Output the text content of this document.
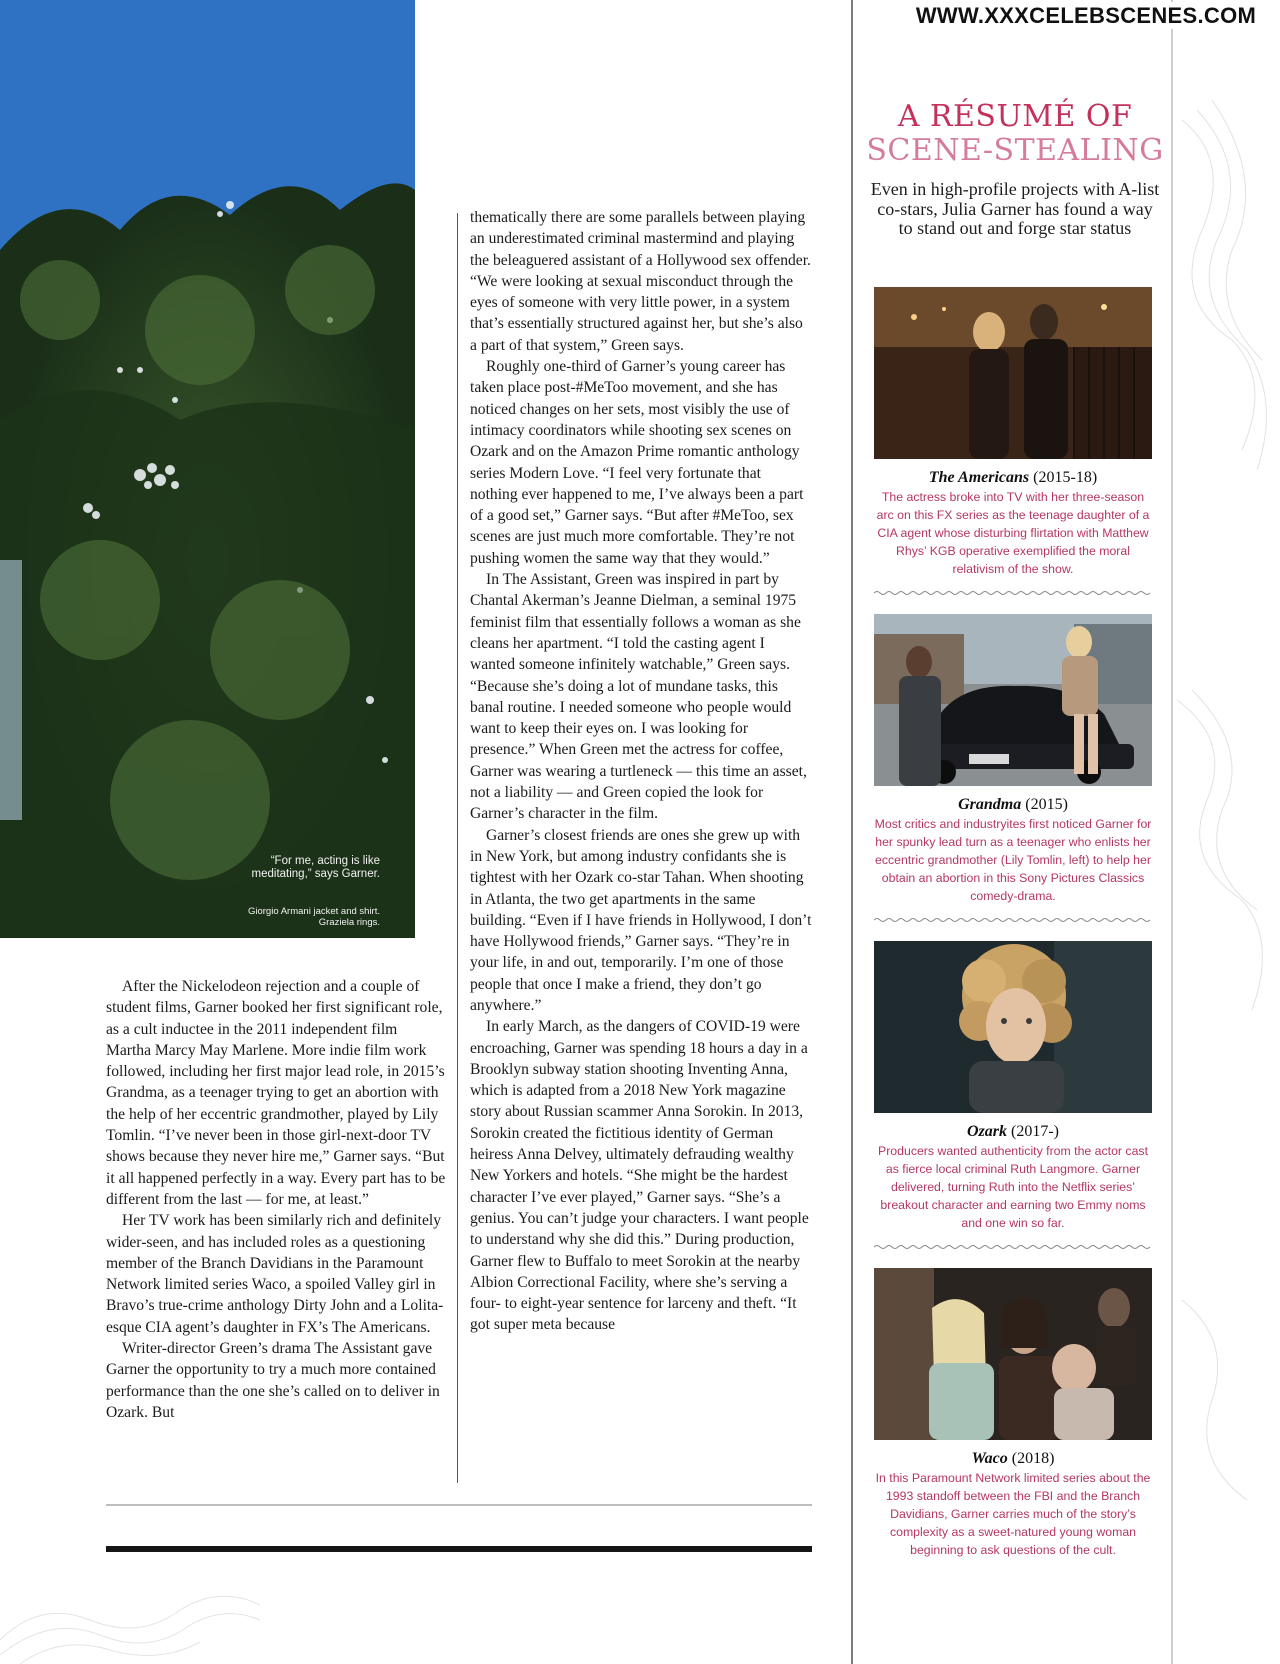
“For me, acting is like meditating,” says Garner.
Giorgio Armani jacket and shirt. Graziela rings.

After the Nickelodeon rejection and a couple of student films, Garner booked her first significant role, as a cult inductee in the 2011 independent film Martha Marcy May Marlene. More indie film work followed, including her first major lead role, in 2015’s Grandma, as a teenager trying to get an abortion with the help of her eccentric grandmother, played by Lily Tomlin. “I’ve never been in those girl-next-door TV shows because they never hire me,” Garner says. “But it all happened perfectly in a way. Every part has to be different from the last — for me, at least.”

Her TV work has been similarly rich and definitely wider-seen, and has included roles as a questioning member of the Branch Davidians in the Paramount Network limited series Waco, a spoiled Valley girl in Bravo’s true-crime anthology Dirty John and a Lolita-esque CIA agent’s daughter in FX’s The Americans.

Writer-director Green’s drama The Assistant gave Garner the opportunity to try a much more contained performance than the one she’s called on to deliver in Ozark. But

thematically there are some parallels between playing an underestimated criminal mastermind and playing the beleaguered assistant of a Hollywood sex offender. “We were looking at sexual misconduct through the eyes of someone with very little power, in a system that’s essentially structured against her, but she’s also a part of that system,” Green says.

Roughly one-third of Garner’s young career has taken place post-#MeToo movement, and she has noticed changes on her sets, most visibly the use of intimacy coordinators while shooting sex scenes on Ozark and on the Amazon Prime romantic anthology series Modern Love. “I feel very fortunate that nothing ever happened to me, I’ve always been a part of a good set,” Garner says. “But after #MeToo, sex scenes are just much more comfortable. They’re not pushing women the same way that they would.”

In The Assistant, Green was inspired in part by Chantal Akerman’s Jeanne Dielman, a seminal 1975 feminist film that essentially follows a woman as she cleans her apartment. “I told the casting agent I wanted someone infinitely watchable,” Green says. “Because she’s doing a lot of mundane tasks, this banal routine. I needed someone who people would want to keep their eyes on. I was looking for presence.” When Green met the actress for coffee, Garner was wearing a turtleneck — this time an asset, not a liability — and Green copied the look for Garner’s character in the film.

Garner’s closest friends are ones she grew up with in New York, but among industry confidants she is tightest with her Ozark co-star Tahan. When shooting in Atlanta, the two get apartments in the same building. “Even if I have friends in Hollywood, I don’t have Hollywood friends,” Garner says. “They’re in your life, in and out, temporarily. I’m one of those people that once I make a friend, they don’t go anywhere.”

In early March, as the dangers of COVID-19 were encroaching, Garner was spending 18 hours a day in a Brooklyn subway station shooting Inventing Anna, which is adapted from a 2018 New York magazine story about Russian scammer Anna Sorokin. In 2013, Sorokin created the fictitious identity of German heiress Anna Delvey, ultimately defrauding wealthy New Yorkers and hotels. “She might be the hardest character I’ve ever played,” Garner says. “She’s a genius. You can’t judge your characters. I want people to understand why she did this.” During production, Garner flew to Buffalo to meet Sorokin at the nearby Albion Correctional Facility, where she’s serving a four- to eight-year sentence for larceny and theft. “It got super meta because

WWW.XXXCELEBSCENES.COM
A RÉSUMÉ OF
SCENE-STEALING
Even in high-profile projects with A-list co-stars, Julia Garner has found a way to stand out and forge star status
The Americans (2015-18)
The actress broke into TV with her three-season arc on this FX series as the teenage daughter of a CIA agent whose disturbing flirtation with Matthew Rhys’ KGB operative exemplified the moral relativism of the show.
Grandma (2015)
Most critics and industryites first noticed Garner for her spunky lead turn as a teenager who enlists her eccentric grandmother (Lily Tomlin, left) to help her obtain an abortion in this Sony Pictures Classics comedy-drama.
Ozark (2017-)
Producers wanted authenticity from the actor cast as fierce local criminal Ruth Langmore. Garner delivered, turning Ruth into the Netflix series’ breakout character and earning two Emmy noms and one win so far.
Waco (2018)
In this Paramount Network limited series about the 1993 standoff between the FBI and the Branch Davidians, Garner carries much of the story’s complexity as a sweet-natured young woman beginning to ask questions of the cult.
